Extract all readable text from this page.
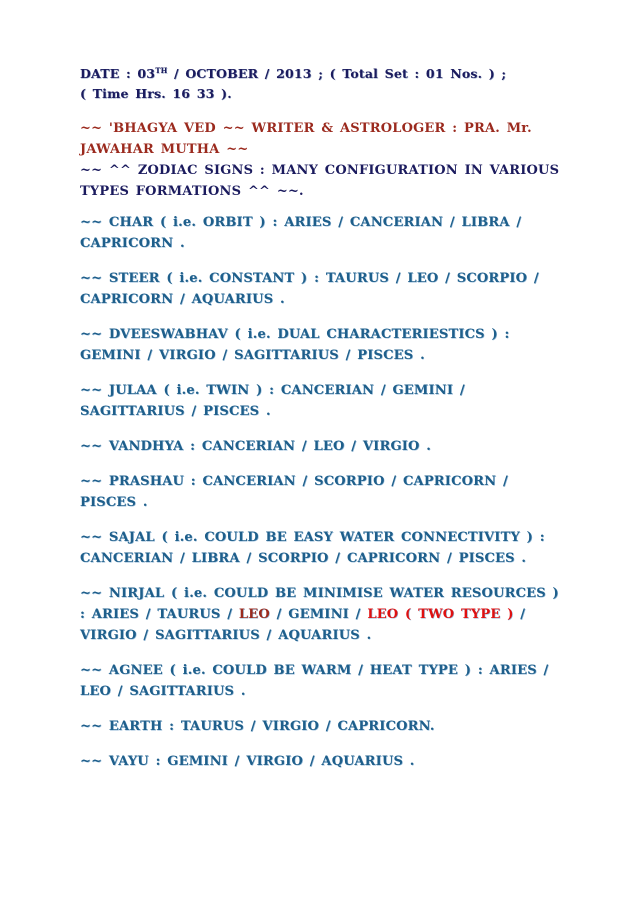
DATE : 03TH / OCTOBER / 2013 ; ( Total Set : 01 Nos. ) ;
( Time Hrs. 16 33 ).

~~ 'BHAGYA VED ~~ WRITER & ASTROLOGER : PRA. Mr. JAWAHAR MUTHA ~~

~~ ^^ ZODIAC SIGNS : MANY CONFIGURATION IN VARIOUS TYPES FORMATIONS ^^ ~~.

~~ CHAR ( i.e. ORBIT ) : ARIES / CANCERIAN / LIBRA / CAPRICORN .

~~ STEER ( i.e. CONSTANT ) : TAURUS / LEO / SCORPIO / CAPRICORN / AQUARIUS .

~~ DVEESWABHAV ( i.e. DUAL CHARACTERIESTICS ) : GEMINI / VIRGIO / SAGITTARIUS / PISCES .

~~ JULAA ( i.e. TWIN ) : CANCERIAN / GEMINI / SAGITTARIUS / PISCES .

~~ VANDHYA : CANCERIAN / LEO / VIRGIO .

~~ PRASHAU : CANCERIAN / SCORPIO / CAPRICORN / PISCES .

~~ SAJAL ( i.e. COULD BE EASY WATER CONNECTIVITY ) : CANCERIAN / LIBRA / SCORPIO / CAPRICORN / PISCES .

~~ NIRJAL ( i.e. COULD BE MINIMISE WATER RESOURCES ) : ARIES / TAURUS / LEO / GEMINI / LEO ( TWO TYPE ) / VIRGIO / SAGITTARIUS / AQUARIUS .

~~ AGNEE ( i.e. COULD BE WARM / HEAT TYPE ) : ARIES / LEO / SAGITTARIUS .

~~ EARTH : TAURUS / VIRGIO / CAPRICORN.

~~ VAYU : GEMINI / VIRGIO / AQUARIUS .
